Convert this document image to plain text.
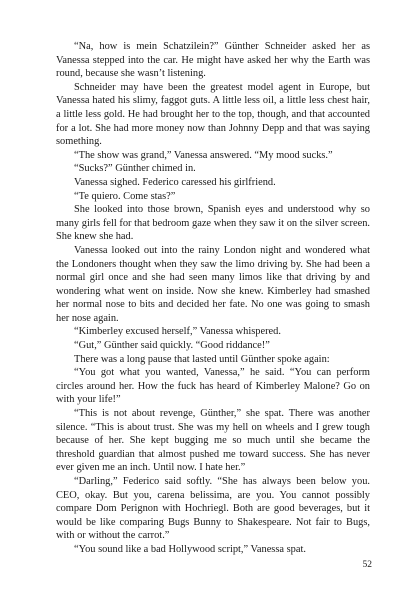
“Na, how is mein Schatzilein?” Günther Schneider asked her as Vanessa stepped into the car. He might have asked her why the Earth was round, because she wasn’t listening.

Schneider may have been the greatest model agent in Europe, but Vanessa hated his slimy, faggot guts. A little less oil, a little less chest hair, a little less gold. He had brought her to the top, though, and that accounted for a lot. She had more money now than Johnny Depp and that was saying something.

“The show was grand,” Vanessa answered. “My mood sucks.”

“Sucks?” Günther chimed in.

Vanessa sighed. Federico caressed his girlfriend.

“Te quiero. Come stas?”

She looked into those brown, Spanish eyes and understood why so many girls fell for that bedroom gaze when they saw it on the silver screen. She knew she had.

Vanessa looked out into the rainy London night and wondered what the Londoners thought when they saw the limo driving by. She had been a normal girl once and she had seen many limos like that driving by and wondering what went on inside. Now she knew. Kimberley had smashed her normal nose to bits and decided her fate. No one was going to smash her nose again.

“Kimberley excused herself,” Vanessa whispered.

“Gut,” Günther said quickly. “Good riddance!”

There was a long pause that lasted until Günther spoke again:

“You got what you wanted, Vanessa,” he said. “You can perform circles around her. How the fuck has heard of Kimberley Malone? Go on with your life!”

“This is not about revenge, Günther,” she spat. There was another silence. “This is about trust. She was my hell on wheels and I grew tough because of her. She kept bugging me so much until she became the threshold guardian that almost pushed me toward success. She has never ever given me an inch. Until now. I hate her.”

“Darling,” Federico said softly. “She has always been below you. CEO, okay. But you, carena belissima, are you. You cannot possibly compare Dom Perignon with Hochriegl. Both are good beverages, but it would be like comparing Bugs Bunny to Shakespeare. Not fair to Bugs, with or without the carrot.”

“You sound like a bad Hollywood script,” Vanessa spat.

52
